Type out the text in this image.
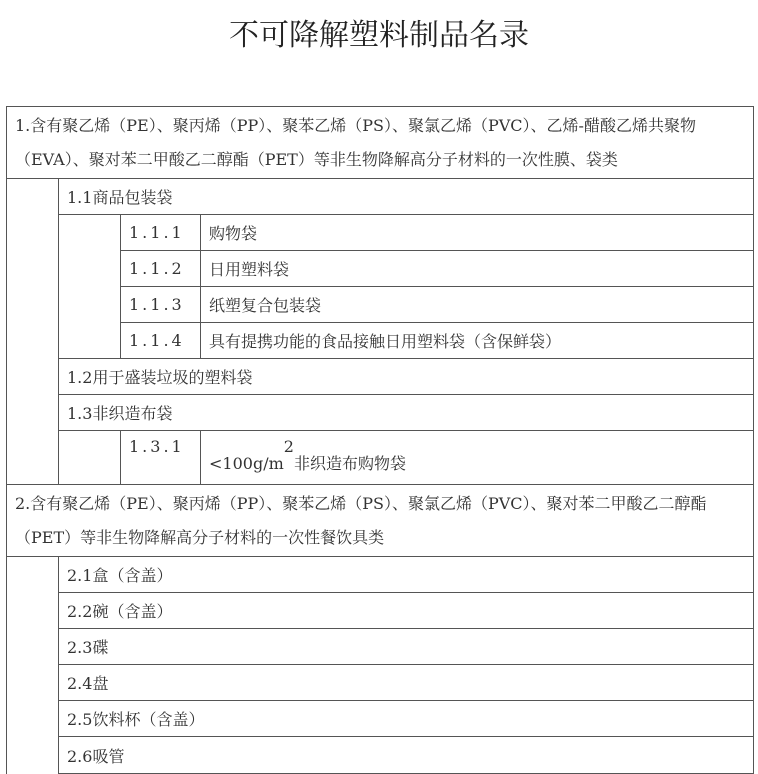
不可降解塑料制品名录
1.含有聚乙烯（PE）、聚丙烯（PP）、聚苯乙烯（PS）、聚氯乙烯（PVC）、乙烯-醋酸乙烯共聚物（EVA）、聚对苯二甲酸乙二醇酯（PET）等非生物降解高分子材料的一次性膜、袋类			
	1.1商品包装袋		
		1.1.1	购物袋
		1.1.2	日用塑料袋
		1.1.3	纸塑复合包装袋
		1.1.4	具有提携功能的食品接触日用塑料袋（含保鲜袋）
	1.2用于盛装垃圾的塑料袋		
	1.3非织造布袋		
		1.3.1	$<100g/m^2$非织造布购物袋
2.含有聚乙烯（PE）、聚丙烯（PP）、聚苯乙烯（PS）、聚氯乙烯（PVC）、聚对苯二甲酸乙二醇酯（PET）等非生物降解高分子材料的一次性餐饮具类			
	2.1盒（含盖）		
	2.2碗（含盖）		
	2.3碟		
	2.4盘		
	2.5饮料杯（含盖）		
	2.6吸管		
